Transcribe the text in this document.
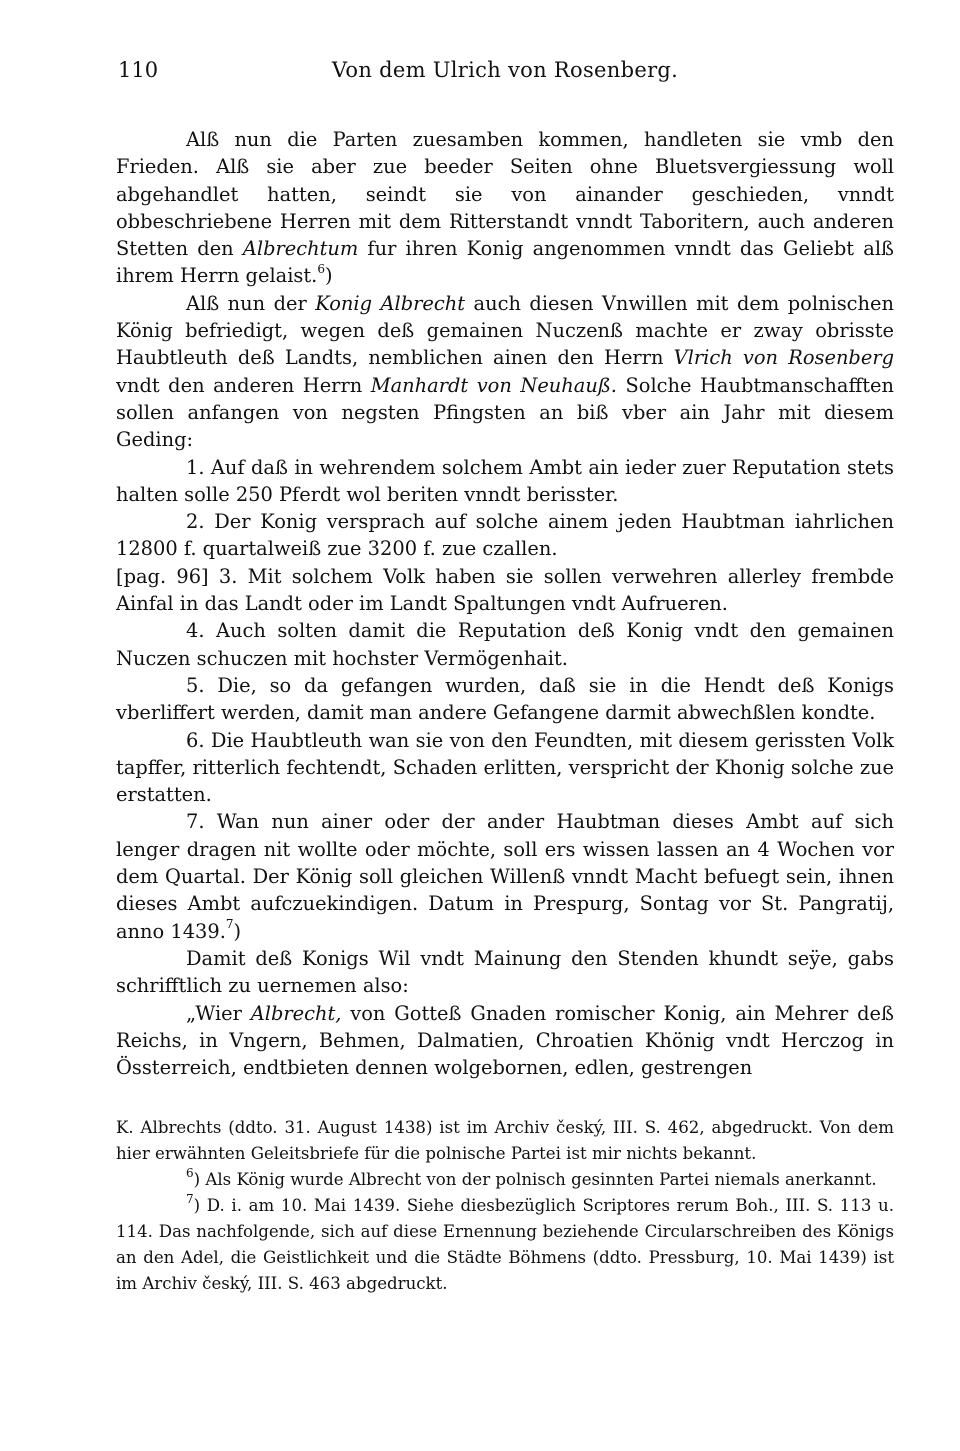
110	Von dem Ulrich von Rosenberg.

Alß nun die Parten zuesamben kommen, handleten sie vmb den Frieden. Alß sie aber zue beeder Seiten ohne Bluetsvergiessung woll abgehandlet hatten, seindt sie von ainander geschieden, vnndt obbeschriebene Herren mit dem Ritterstandt vnndt Taboritern, auch anderen Stetten den Albrechtum fur ihren Konig angenommen vnndt das Geliebt alß ihrem Herrn gelaist.$^6$)

Alß nun der Konig Albrecht auch diesen Vnwillen mit dem polnischen König befriedigt, wegen deß gemainen Nuczenß machte er zway obrisste Haubtleuth deß Landts, nemblichen ainen den Herrn Vlrich von Rosenberg vndt den anderen Herrn Manhardt von Neuhauß. Solche Haubtmanschafften sollen anfangen von negsten Pfingsten an biß vber ain Jahr mit diesem Geding:

1. Auf daß in wehrendem solchem Ambt ain ieder zuer Reputation stets halten solle 250 Pferdt wol beriten vnndt berisster.

2. Der Konig versprach auf solche ainem jeden Haubtman iahrlichen 12800 f. quartalweiß zue 3200 f. zue czallen.

[pag. 96] 3. Mit solchem Volk haben sie sollen verwehren allerley frembde Ainfal in das Landt oder im Landt Spaltungen vndt Aufrueren.

4. Auch solten damit die Reputation deß Konig vndt den gemainen Nuczen schuczen mit hochster Vermögenhait.

5. Die, so da gefangen wurden, daß sie in die Hendt deß Konigs vberliffert werden, damit man andere Gefangene darmit abwechßlen kondte.

6. Die Haubtleuth wan sie von den Feundten, mit diesem gerissten Volk tapffer, ritterlich fechtendt, Schaden erlitten, verspricht der Khonig solche zue erstatten.

7. Wan nun ainer oder der ander Haubtman dieses Ambt auf sich lenger dragen nit wollte oder möchte, soll ers wissen lassen an 4 Wochen vor dem Quartal. Der König soll gleichen Willenß vnndt Macht befuegt sein, ihnen dieses Ambt aufczuekindigen. Datum in Prespurg, Sontag vor St. Pangratij, anno 1439.$^7$)

Damit deß Konigs Wil vndt Mainung den Stenden khundt seÿe, gabs schrifftlich zu uernemen also:

„Wier Albrecht, von Gotteß Gnaden romischer Konig, ain Mehrer deß Reichs, in Vngern, Behmen, Dalmatien, Chroatien Khönig vndt Herczog in Össterreich, endtbieten dennen wolgebornen, edlen, gestrengen

K. Albrechts (ddto. 31. August 1438) ist im Archiv český, III. S. 462, abgedruckt. Von dem hier erwähnten Geleitsbriefe für die polnische Partei ist mir nichts bekannt.

$^6$) Als König wurde Albrecht von der polnisch gesinnten Partei niemals anerkannt.

$^7$) D. i. am 10. Mai 1439. Siehe diesbezüglich Scriptores rerum Boh., III. S. 113 u. 114. Das nachfolgende, sich auf diese Ernennung beziehende Circularschreiben des Königs an den Adel, die Geistlichkeit und die Städte Böhmens (ddto. Pressburg, 10. Mai 1439) ist im Archiv český, III. S. 463 abgedruckt.
